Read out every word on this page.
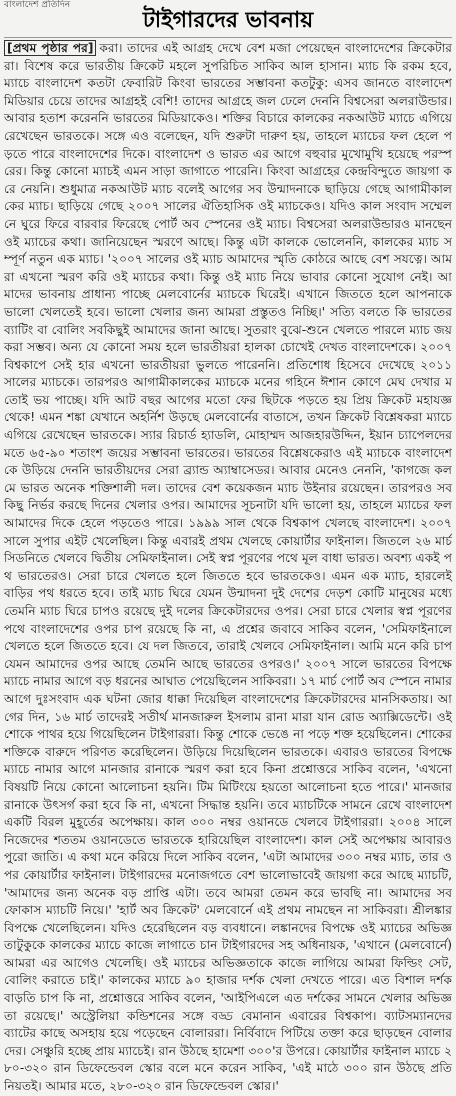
বাংলাদেশ প্রতিদিন
টাইগারদের ভাবনায়
[প্রথম পৃষ্ঠার পর] করা। তাদের এই আগ্রহ দেখে বেশ মজা পেয়েছেন বাংলাদেশের ক্রিকেটাররা। বিশেষ করে ভারতীয় ক্রিকেট মহলে সুপরিচিত সাকিব আল হাসান। ম্যাচ কি রকম হবে, ম্যাচে বাংলাদেশ কতটা ফেবারিট কিংবা ভারতের সম্ভাবনা কতটুকু: এসব জানতে বাংলাদেশ মিডিয়ার চেয়ে তাদের আগ্রহই বেশি! তাদের আগ্রহে জল ঢেলে দেননি বিশ্বসেরা অলরাউন্ডার। আবার হতাশ করেননি ভারতের মিডিয়াকেও। শক্তির বিচারে কালকের নকআউট ম্যাচে এগিয়ে রেখেছেন ভারতকে। সঙ্গে এও বলেছেন, যদি শুরুটা দারুণ হয়, তাহলে ম্যাচের ফল হেলে পড়তে পারে বাংলাদেশের দিকে। বাংলাদেশ ও ভারত এর আগে বহুবার মুখোমুখি হয়েছে পরস্পরের। কিন্তু কোনো ম্যাচই এমন সাড়া জাগাতে পারেনি। কিংবা আগ্রহের কেন্দ্রবিন্দুতে জায়গা করে নেয়নি। শুধুমাত্র নকআউট ম্যাচ বলেই আগের সব উন্মাদনাকে ছাড়িয়ে গেছে আগামীকালকের ম্যাচ। ছাড়িয়ে গেছে ২০০৭ সালের ঐতিহাসিক ওই ম্যাচকেও। যদিও কাল সংবাদ সম্মেলনে ঘুরে ফিরে বারবার ফিরেছে পোর্ট অব স্পেনের ওই ম্যাচ। বিশ্বসেরা অলরাউন্ডারও মানছেন ওই ম্যাচের কথা। জানিয়েছেন স্মরণে আছে। কিন্তু এটা কালকে ভোলেননি, কালকের ম্যাচ সম্পূর্ণ নতুন এক ম্যাচ। '২০০৭ সালের ওই ম্যাচ আমাদের স্মৃতি কোঠরে আছে বেশ সযত্নে। আমরা এখনো স্মরণ করি ওই ম্যাচের কথা। কিন্তু ওই ম্যাচ নিয়ে ভাবার কোনো সুযোগ নেই। আমাদের ভাবনায় প্রাধান্য পাচ্ছে মেলবোর্নের ম্যাচকে ঘিরেই। এখানে জিততে হলে আপনাকে ভালো খেলতেই হবে। ভালো খেলার জন্য আমরা প্রস্তুতও নিচ্ছি।' সত্যি বলতে কি ভারতের ব্যাটিং বা বোলিং সবকিছুই আমাদের জানা আছে। সুতরাং বুঝে-শুনে খেলতে পারলে ম্যাচ জয় করা সম্ভব। অন্য যে কোনো সময় হলে ভারতীয়রা হালকা চোখেই দেখত বাংলাদেশকে। ২০০৭ বিশ্বকাপে সেই হার এখনো ভারতীয়রা ভুলতে পারেননি। প্রতিশোধ হিসেবে দেখেছে ২০১১ সালের ম্যাচকে। তারপরও আগামীকালকের ম্যাচকে মনের গহিনে ঈশান কোণে মেঘ দেখার মতোই ভয় পাচ্ছে। যদি আট বছর আগের মতো ফের ছিটকে পড়তে হয় প্রিয় ক্রিকেট মহাযজ্ঞ থেকে! এমন শঙ্কা যেখানে অহর্নিশ উড়ছে মেলবোর্নের বাতাসে, তখন ক্রিকেট বিশ্লেষকরা ম্যাচে এগিয়ে রেখেছেন ভারতকে। স্যার রিচার্ড হ্যাডলি, মোহাম্মদ আজহারউদ্দিন, ইয়ান চ্যাপেলদের মতে ৬৫-৯০ শতাংশ জয়ের সম্ভাবনা ভারতের। ভারতের বিশ্লেষকেরাও এই ম্যাচকে বাংলাদেশকে উড়িয়ে দেননি ভারতীয়দের সেরা ব্র্যান্ড অ্যাম্বাসেডর। আবার মেনেও নেননি, 'কাগজে কলমে ভারত অনেক শক্তিশালী দল। তাদের বেশ কয়েকজন ম্যাচ উইনার রয়েছেন। তারপরও সবকিছু নির্ভর করছে দিনের খেলার ওপর। আমাদের সূচনাটা যদি ভালো হয়, তাহলে ম্যাচের ফল আমাদের দিকে হেলে পড়তেও পারে। ১৯৯৯ সাল থেকে বিশ্বকাপ খেলছে বাংলাদেশ। ২০০৭ সালে সুপার এইট খেলেছিল। কিন্তু এবারই প্রথম খেলছে কোয়ার্টার ফাইনাল। জিতলে ২৬ মার্চ সিডনিতে খেলবে দ্বিতীয় সেমিফাইনাল। সেই স্বপ্ন পূরণের পথে মূল বাধা ভারত। অবশ্য একই পথ ভারতেরও। সেরা চারে খেলতে হলে জিততে হবে ভারতকেও। এমন এক ম্যাচ, হারলেই বাড়ির পথ ধরতে হবে। তাই ম্যাচ ঘিরে যেমন উন্মাদনা দুই দেশের দেড়শ কোটি মানুষের মধ্যে তেমনি ম্যাচ ঘিরে চাপও রয়েছে দুই দলের ক্রিকেটারদের ওপর। সেরা চারে খেলার স্বপ্ন পূরণের পথে বাংলাদেশের ওপর চাপ রয়েছে কি না, এ প্রশ্নের জবাবে সাকিব বলেন, 'সেমিফাইনালে খেলতে হলে জিততে হবে। যে দল জিতবে, তারাই খেলবে সেমিফাইনাল। আমি মনে করি চাপ যেমন আমাদের ওপর আছে তেমনি আছে ভারতের ওপরও।' ২০০৭ সালে ভারতের বিপক্ষে ম্যাচে নামার আগে বড় ধরনের আঘাত পেয়েছিলেন সাকিবরা। ১৭ মার্চ পোর্ট অব স্পেনে নামার আগে দুঃসংবাদ এক ঘটনা জোর ধাক্কা দিয়েছিল বাংলাদেশের ক্রিকেটারদের মানসিকতায়। আগের দিন, ১৬ মার্চ তাদেরই সতীর্থ মানজারুল ইসলাম রানা মারা যান রোড অ্যাক্সিডেন্টে। ওই শোকে পাথর হয়ে গিয়েছিলেন টাইগাররা। কিন্তু শোকে ভেঙে না পড়ে শক্ত হয়েছিলেন। শোকের শক্তিকে বারুদে পরিণত করেছিলেন। উড়িয়ে দিয়েছিলেন ভারতকে। এবারও ভারতের বিপক্ষে ম্যাচে নামার আগে মানজার রানাকে স্মরণ করা হবে কিনা প্রশ্নোত্তরে সাকিব বলেন, 'এখনো বিষয়টি নিয়ে কোনো আলোচনা হয়নি। টিম মিটিংয়ে হয়তো আলোচনা হতে পারে।' মানজার রানাকে উৎসর্গ করা হবে কি না, এখনো সিদ্ধান্ত হয়নি। তবে ম্যাচটিকে সামনে রেখে বাংলাদেশ একটি বিরল মুহূর্তের অপেক্ষায়। কাল ৩০০ নম্বর ওয়ানডে খেলবে টাইগাররা। ২০০৪ সালে নিজেদের শততম ওয়ানডেতে ভারতকে হারিয়েছিল বাংলাদেশ। কাল সেই অপেক্ষায় আবারও পুরো জাতি। এ কথা মনে করিয়ে দিলে সাকিব বলেন, 'এটা আমাদের ৩০০ নম্বর ম্যাচ, তার ওপর কোয়ার্টার ফাইনাল। টাইগারদের মনোজগতে বেশ ভালোভাবেই জায়গা করে আছে ম্যাচটি, 'আমাদের জন্য অনেক বড় প্রাপ্তি এটা। তবে আমরা তেমন করে ভাবছি না। আমাদের সব ফোকাস ম্যাচটি নিয়ে।' 'হার্ট অব ক্রিকেট' মেলবোর্নে এই প্রথম নামছেন না সাকিবরা। শ্রীলঙ্কার বিপক্ষে খেলেছিলেন। যদিও হেরেছিলেন বড় ব্যবধানে। লঙ্কানদের বিপক্ষে ওই ম্যাচের অভিজ্ঞতাটুকুকে কালকের ম্যাচে কাজে লাগাতে চান টাইগারদের সহ অধিনায়ক, 'এখানে (মেলবোর্নে) আমরা এর আগেও খেলেছি। ওই ম্যাচের অভিজ্ঞতাকে কাজে লাগিয়ে আমরা ফিল্ডিং সেট, বোলিং করাতে চাই।' কালকের ম্যাচে ৯০ হাজার দর্শক খেলা দেখতে পারে। এত বিশাল দর্শক বাড়তি চাপ কি না, প্রশ্নোত্তরে সাকিব বলেন, 'আইপিএলে এত দর্শকের সামনে খেলার অভিজ্ঞতা রয়েছে।' অস্ট্রেলিয়া কন্ডিশনের সঙ্গে বড্ড বেমানান এবারের বিশ্বকাপ। ব্যাটসম্যানদের ব্যাটের কাছে অসহায় হয়ে পড়েছেন বোলাররা। নির্বিবাদে পিটিয়ে তক্তা করে ছাড়ছেন বোলারদের। সেঞ্চুরি হচ্ছে প্রায় ম্যাচেই। রান উঠছে হামেশা ৩০০'র উপরে। কোয়ার্টার ফাইনাল ম্যাচে ২৮০-৩২০ রান ডিফেন্ডেবল স্কোর বলে মনে করেন সাকিব, 'এই মাঠে ৩০০ রান উঠছে প্রতি নিয়তই। আমার মতে, ২৮০-৩২০ রান ডিফেন্ডেবল স্কোর।'
